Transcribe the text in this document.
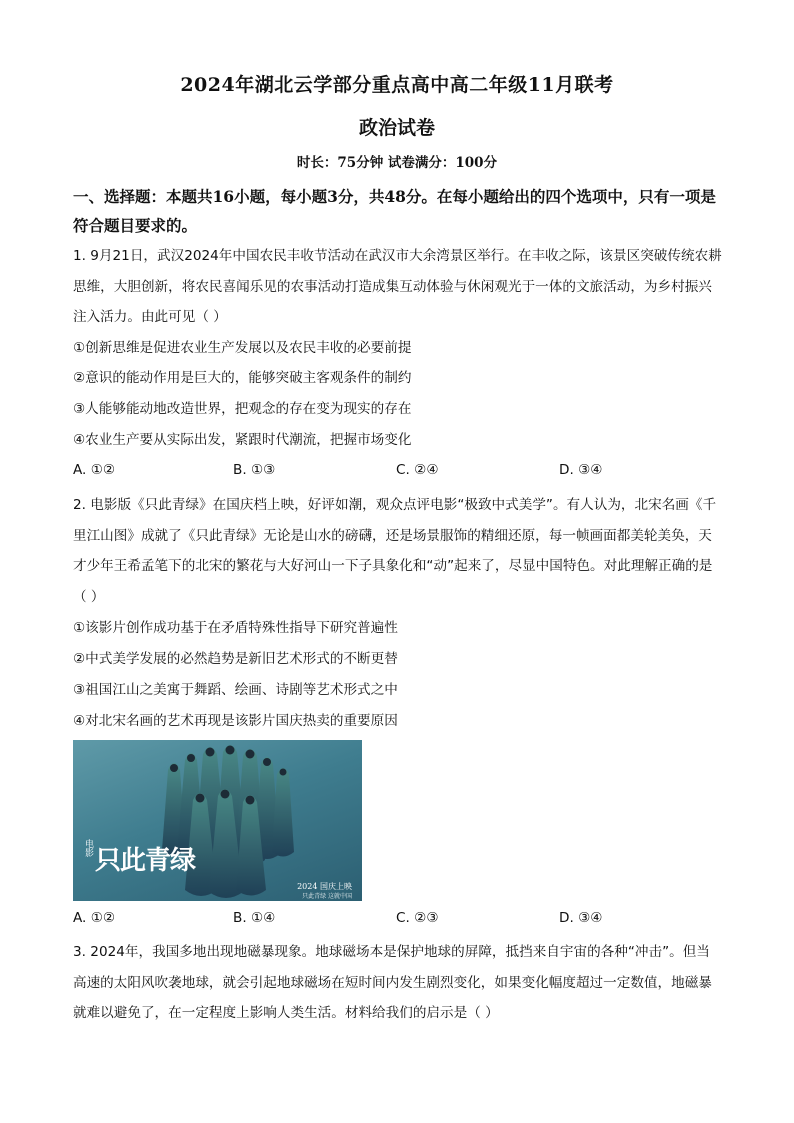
2024年湖北云学部分重点高中高二年级11月联考
政治试卷
时长：75分钟 试卷满分：100分
一、选择题：本题共16小题，每小题3分，共48分。在每小题给出的四个选项中，只有一项是符合题目要求的。
1. 9月21日，武汉2024年中国农民丰收节活动在武汉市大余湾景区举行。在丰收之际，该景区突破传统农耕思维，大胆创新，将农民喜闻乐见的农事活动打造成集互动体验与休闲观光于一体的文旅活动，为乡村振兴注入活力。由此可见（ ）
①创新思维是促进农业生产发展以及农民丰收的必要前提
②意识的能动作用是巨大的，能够突破主客观条件的制约
③人能够能动地改造世界，把观念的存在变为现实的存在
④农业生产要从实际出发，紧跟时代潮流，把握市场变化
A. ①②	B. ①③	C. ②④	D. ③④
2. 电影版《只此青绿》在国庆档上映，好评如潮，观众点评电影“极致中式美学”。有人认为，北宋名画《千里江山图》成就了《只此青绿》无论是山水的磅礴，还是场景服饰的精细还原，每一帧画面都美轮美奂，天才少年王希孟笔下的北宋的繁花与大好河山一下子具象化和“动”起来了，尽显中国特色。对此理解正确的是（ ）
①该影片创作成功基于在矛盾特殊性指导下研究普遍性
②中式美学发展的必然趋势是新旧艺术形式的不断更替
③祖国江山之美寓于舞蹈、绘画、诗剧等艺术形式之中
④对北宋名画的艺术再现是该影片国庆热卖的重要原因
电影 只此青绿
2024 国庆上映
只此青绿 这就中国
A. ①②	B. ①④	C. ②③	D. ③④
3. 2024年，我国多地出现地磁暴现象。地球磁场本是保护地球的屏障，抵挡来自宇宙的各种“冲击”。但当高速的太阳风吹袭地球，就会引起地球磁场在短时间内发生剧烈变化，如果变化幅度超过一定数值，地磁暴就难以避免了，在一定程度上影响人类生活。材料给我们的启示是（ ）
